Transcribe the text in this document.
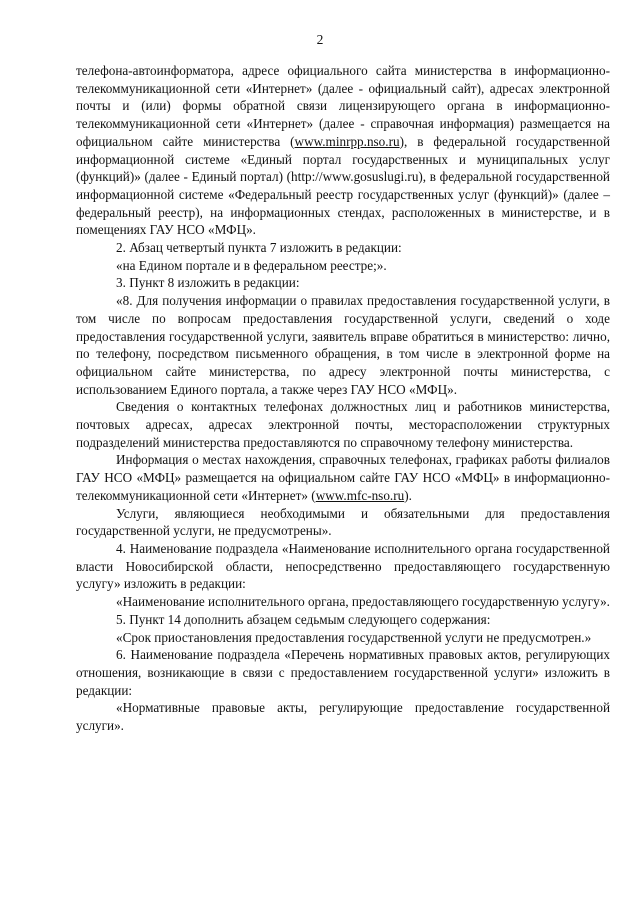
2

телефона-автоинформатора, адресе официального сайта министерства в информационно-телекоммуникационной сети «Интернет» (далее - официальный сайт), адресах электронной почты и (или) формы обратной связи лицензирующего органа в информационно-телекоммуникационной сети «Интернет» (далее - справочная информация) размещается на официальном сайте министерства (www.minrpp.nso.ru), в федеральной государственной информационной системе «Единый портал государственных и муниципальных услуг (функций)» (далее - Единый портал) (http://www.gosuslugi.ru), в федеральной государственной информационной системе «Федеральный реестр государственных услуг (функций)» (далее – федеральный реестр), на информационных стендах, расположенных в министерстве, и в помещениях ГАУ НСО «МФЦ».

2. Абзац четвертый пункта 7 изложить в редакции:

«на Едином портале и в федеральном реестре;».

3. Пункт 8 изложить в редакции:

«8. Для получения информации о правилах предоставления государственной услуги, в том числе по вопросам предоставления государственной услуги, сведений о ходе предоставления государственной услуги, заявитель вправе обратиться в министерство: лично, по телефону, посредством письменного обращения, в том числе в электронной форме на официальном сайте министерства, по адресу электронной почты министерства, с использованием Единого портала, а также через ГАУ НСО «МФЦ».

Сведения о контактных телефонах должностных лиц и работников министерства, почтовых адресах, адресах электронной почты, месторасположении структурных подразделений министерства предоставляются по справочному телефону министерства.

Информация о местах нахождения, справочных телефонах, графиках работы филиалов ГАУ НСО «МФЦ» размещается на официальном сайте ГАУ НСО «МФЦ» в информационно-телекоммуникационной сети «Интернет» (www.mfc-nso.ru).

Услуги, являющиеся необходимыми и обязательными для предоставления государственной услуги, не предусмотрены».

4. Наименование подраздела «Наименование исполнительного органа государственной власти Новосибирской области, непосредственно предоставляющего государственную услугу» изложить в редакции:

«Наименование исполнительного органа, предоставляющего государственную услугу».

5. Пункт 14 дополнить абзацем седьмым следующего содержания:

«Срок приостановления предоставления государственной услуги не предусмотрен.»

6. Наименование подраздела «Перечень нормативных правовых актов, регулирующих отношения, возникающие в связи с предоставлением государственной услуги» изложить в редакции:

«Нормативные правовые акты, регулирующие предоставление государственной услуги».
